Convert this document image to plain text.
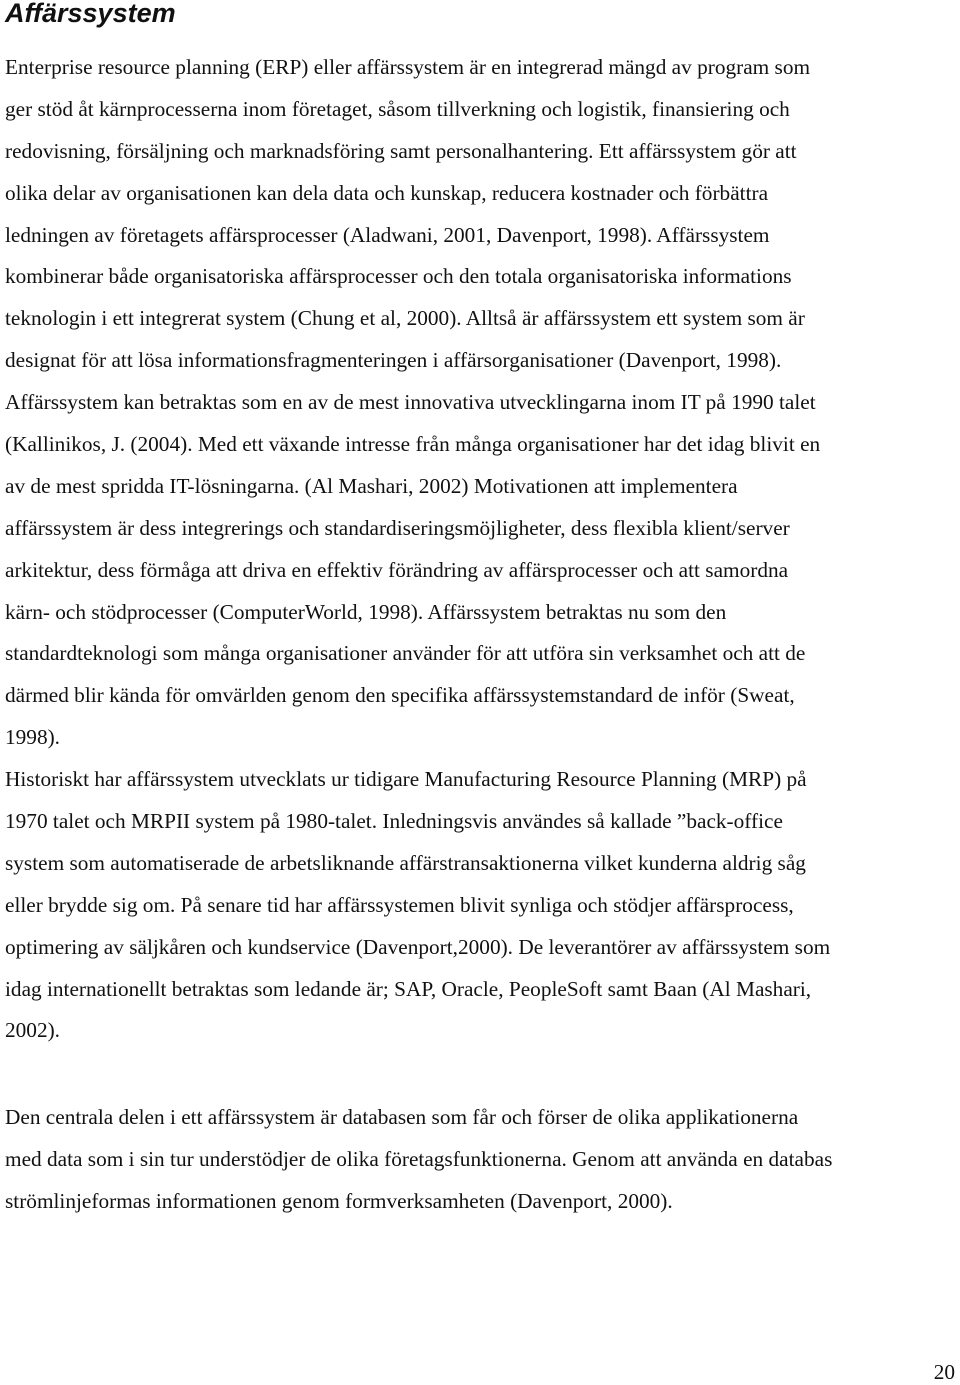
Affärssystem
Enterprise resource planning (ERP) eller affärssystem är en integrerad mängd av program som
ger stöd åt kärnprocesserna inom företaget, såsom tillverkning och logistik, finansiering och
redovisning, försäljning och marknadsföring samt personalhantering. Ett affärssystem gör att
olika delar av organisationen kan dela data och kunskap, reducera kostnader och förbättra
ledningen av företagets affärsprocesser (Aladwani, 2001, Davenport, 1998). Affärssystem
kombinerar både organisatoriska affärsprocesser och den totala organisatoriska informations
teknologin i ett integrerat system (Chung et al, 2000). Alltså är affärssystem ett system som är
designat för att lösa informationsfragmenteringen i affärsorganisationer (Davenport, 1998).
Affärssystem kan betraktas som en av de mest innovativa utvecklingarna inom IT på 1990 talet
(Kallinikos, J. (2004). Med ett växande intresse från många organisationer har det idag blivit en
av de mest spridda IT-lösningarna. (Al Mashari, 2002) Motivationen att implementera
affärssystem är dess integrerings och standardiseringsmöjligheter, dess flexibla klient/server
arkitektur, dess förmåga att driva en effektiv förändring av affärsprocesser och att samordna
kärn- och stödprocesser (ComputerWorld, 1998). Affärssystem betraktas nu som den
standardteknologi som många organisationer använder för att utföra sin verksamhet och att de
därmed blir kända för omvärlden genom den specifika affärssystemstandard de inför (Sweat,
1998).
Historiskt har affärssystem utvecklats ur tidigare Manufacturing Resource Planning (MRP) på
1970 talet och MRPII system på 1980-talet. Inledningsvis användes så kallade ”back-office
system som automatiserade de arbetsliknande affärstransaktionerna vilket kunderna aldrig såg
eller brydde sig om. På senare tid har affärssystemen blivit synliga och stödjer affärsprocess,
optimering av säljkåren och kundservice (Davenport,2000). De leverantörer av affärssystem som
idag internationellt betraktas som ledande är; SAP, Oracle, PeopleSoft samt Baan (Al Mashari,
2002).
Den centrala delen i ett affärssystem är databasen som får och förser de olika applikationerna
med data som i sin tur understödjer de olika företagsfunktionerna. Genom att använda en databas
strömlinjeformas informationen genom formverksamheten (Davenport, 2000).
20
